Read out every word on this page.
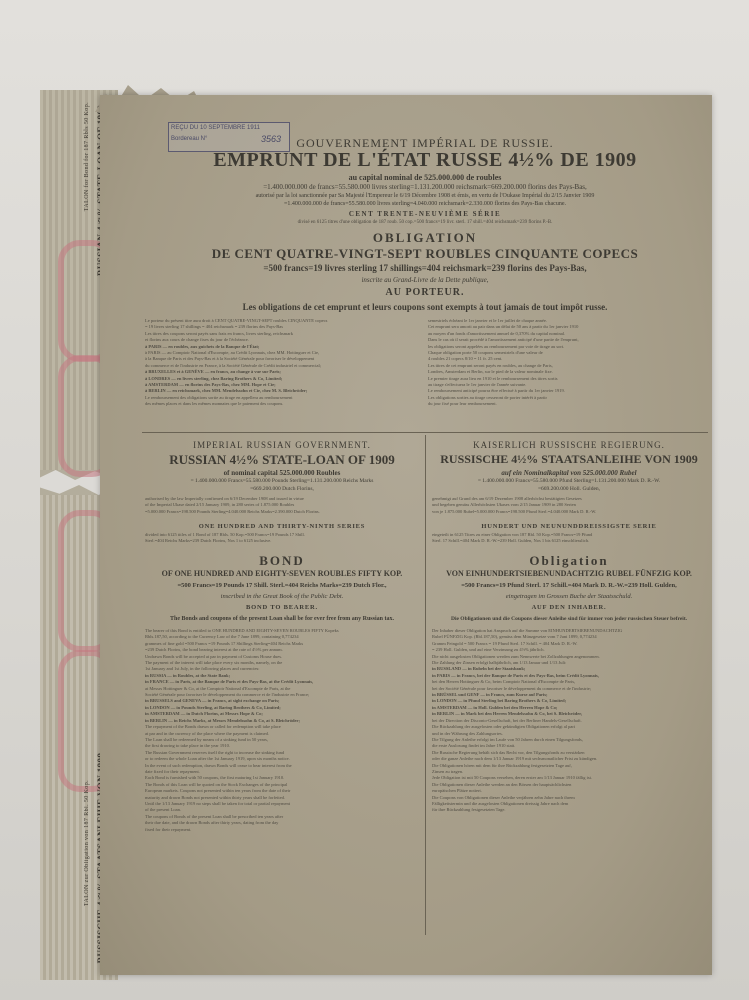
TALON for Bond for 187 Rbls 50 Kop.
TALON zur Obligation von 187 Rbl. 50 Kop.
REÇU DU 10 SEPTEMBRE 1911
Bordereau N°	3563	GOUVERNEMENT IMPÉRIAL DE RUSSIE.
EMPRUNT DE L'ÉTAT RUSSE 4½% DE 1909
au capital nominal de 525.000.000 de roubles
=1.400.000.000 de francs=55.580.000 livres sterling=1.131.200.000 reichsmark=669.200.000 florins des Pays-Bas,
autorisé par la loi sanctionnée par Sa Majesté l'Empereur le 6/19 Décembre 1908 et émis, en vertu de l'Oukase Impérial du 2/15 Janvier 1909
=1.400.000.000 de francs=55.580.000 livres sterling=4.040.000 reichsmark=2.330.000 florins des Pays-Bas chacune.
CENT TRENTE-NEUVIÈME SÉRIE
divisé en 6125 titres d'une obligation de 187 roub. 50 cop.=500 francs=19 livr. sterl. 17 shill.=404 reichsmark=239 florins P.-B.
OBLIGATION
DE CENT QUATRE-VINGT-SEPT ROUBLES CINQUANTE COPECS
=500 francs=19 livres sterling 17 shillings=404 reichsmark=239 florins des Pays-Bas,
inscrite au Grand-Livre de la Dette publique,
AU PORTEUR.
Les obligations de cet emprunt et leurs coupons sont exempts à tout jamais de tout impôt russe.

Le porteur du présent titre aura droit à CENT QUATRE-VINGT-SEPT roubles CINQUANTE copecs

= 19 livres sterling 17 shillings = 404 reichsmark = 239 florins des Pays-Bas

Les titres des coupons seront payés sans frais en francs, livres sterling, reichsmark

et florins aux cours de change fixes du jour de l'échéance.

à PARIS — en roubles, aux guichets de la Banque de l'État;

à PARIS — au Comptoir National d'Escompte, au Crédit Lyonnais, chez MM. Hottinguer et Cie,

à la Banque de Paris et des Pays-Bas et à la Société Générale pour favoriser le développement

du commerce et de l'industrie en France, à la Société Générale de Crédit industriel et commercial;

à BRUXELLES et à GENÈVE — en francs, au change à vue sur Paris;

à LONDRES — en livres sterling, chez Baring Brothers & Co, Limited;

à AMSTERDAM — en florins des Pays-Bas, chez MM. Hope et Cie;

à BERLIN — en reichsmark, chez MM. Mendelssohn et Cie, chez M. S. Bleichröder;

Le remboursement des obligations sortie au tirage en appellera au remboursement

des mêmes places et dans les mêmes monnaies que le paiement des coupons.

semestriels échéant le 1er janvier et le 1er juillet de chaque année.

Cet emprunt sera amorti au pair dans un délai de 50 ans à partir du 1er janvier 1910

au moyen d'un fonds d'amortissement annuel de 0,370% du capital nominal.

Dans le cas où il serait procédé à l'amortissement anticipé d'une partie de l'emprunt,

les obligations seront appelées au remboursement par voie de tirage au sort.

Chaque obligation porte 50 coupons semestriels d'une valeur de

4 roubles 21 copecs 8/10 = 11 fr. 25 cent.

Les titres de cet emprunt seront payés en roubles, au change de Paris,

Londres, Amsterdam et Berlin, sur le pied de la valeur nominale fixe.

Le premier tirage aura lieu en 1910 et le remboursement des titres sortis

au tirage s'effectuera le 1er janvier de l'année suivante.

Le remboursement anticipé pourra être effectué à partir du 1er janvier 1919.

Les obligations sorties au tirage cesseront de porter intérêt à partir

du jour fixé pour leur remboursement.

IMPERIAL RUSSIAN GOVERNMENT.
RUSSIAN 4½% STATE-LOAN OF 1909
of nominal capital 525.000.000 Roubles
= 1.400.000.000 Francs=55.580.000 Pounds Sterling=1.131.200.000 Reichs Marks
=669.200.000 Dutch Florins,

authorised by the law Imperially confirmed on 6/19 December 1908 and issued in virtue

of the Imperial Ukase dated 2/15 January 1909, in 280 series of 1.875.000 Roubles

=5.000.000 Francs=198.500 Pounds Sterling=4.040.000 Reichs Marks=2.390.000 Dutch Florins.

ONE HUNDRED AND THIRTY-NINTH SERIES

divided into 6125 titles of 1 Bond of 187 Rbls. 50 Kop.=500 Francs=19 Pounds 17 Shill.

Sterl.=404 Reichs Marks=239 Dutch Florins, Nos 1 to 6125 inclusive.

BOND
OF ONE HUNDRED AND EIGHTY-SEVEN ROUBLES FIFTY KOP.
=500 Francs=19 Pounds 17 Shill. Sterl.=404 Reichs Marks=239 Dutch Flor.,
inscribed in the Great Book of the Public Debt.
BOND TO BEARER.
The Bonds and coupons of the present Loan shall be for ever free from any Russian tax.

The bearer of this Bond is entitled to ONE HUNDRED AND EIGHTY-SEVEN ROUBLES FIFTY Kopeks

Rbls.187,50, according to the Currency Law of the 7 June 1899, containing 0,774234

grammes of fine gold =500 Francs =19 Pounds 17 Shillings Sterling=404 Reichs Marks

=239 Dutch Florins, the bond bearing interest at the rate of 4½% per annum.

Undrawn Bonds will be accepted at par in payment of Customs House dues.

The payment of the interest will take place every six months, namely, on the

1st January and 1st July, in the following places and currencies:

in RUSSIA — in Roubles, at the State Bank;

in FRANCE — in Paris, at the Banque de Paris et des Pays-Bas, at the Crédit Lyonnais,

at Messrs Hottinguer & Co, at the Comptoir National d'Escompte de Paris, at the

Société Générale pour favoriser le développement du commerce et de l'industrie en France;

in BRUSSELS and GENEVA — in Francs, at sight exchange on Paris;

in LONDON — in Pounds Sterling, at Baring Brothers & Co, Limited;

in AMSTERDAM — in Dutch Florins, at Messrs Hope & Co;

in BERLIN — in Reichs Marks, at Messrs Mendelssohn & Co, at S. Bleichröder;

The repayment of the Bonds drawn or called for redemption will take place

at par and in the currency of the place where the payment is claimed.

The Loan shall be redeemed by means of a sinking fund in 50 years,

the first drawing to take place in the year 1910.

The Russian Government reserves itself the right to increase the sinking fund

or to redeem the whole Loan after the 1st January 1919, upon six months notice.

In the event of such redemption, drawn Bonds will cease to bear interest from the

date fixed for their repayment.

Each Bond is furnished with 50 coupons, the first maturing 1st January 1910.

The Bonds of this Loan will be quoted on the Stock Exchanges of the principal

European markets. Coupons not presented within ten years from the date of their

maturity and drawn Bonds not presented within thirty years shall be forfeited.

Until the 1/13 January 1919 no steps shall be taken for total or partial repayment

of the present Loan.

The coupons of Bonds of the present Loan shall be prescribed ten years after

their due date, and the drawn Bonds after thirty years, dating from the day

fixed for their repayment.

KAISERLICH RUSSISCHE REGIERUNG.
RUSSISCHE 4½% STAATSANLEIHE VON 1909
auf ein Nominalkapital von 525.000.000 Rubel
= 1.400.000.000 Francs=55.580.000 Pfund Sterling=1.131.200.000 Mark D. R.-W.
=669.200.000 Holl. Gulden,

genehmigt auf Grund des am 6/19 Dezember 1908 allerhöchst bestätigten Gesetzes

und begeben gemäss Allerhöchsten Ukases vom 2/15 Januar 1909 in 280 Serien

von je 1.875.000 Rubel=5.000.000 Francs=198.500 Pfund Sterl.=4.040.000 Mark D. R.-W.

HUNDERT UND NEUNUNDDREISSIGSTE SERIE

eingeteilt in 6125 Titres zu einer Obligation von 187 Rbl. 50 Kop.=500 Francs=19 Pfund

Sterl. 17 Schill.=404 Mark D. R.-W.=239 Holl. Gulden, Nos 1 bis 6125 einschliesslich.

Obligation
VON EINHUNDERTSIEBENUNDACHTZIG RUBEL FÜNFZIG KOP.
=500 Francs=19 Pfund Sterl. 17 Schill.=404 Mark D. R.-W.=239 Holl. Gulden,
eingetragen im Grossen Buche der Staatsschuld.
AUF DEN INHABER.
Die Obligationen und die Coupons dieser Anleihe sind für immer von jeder russischen Steuer befreit.

Der Inhaber dieser Obligation hat Anspruch auf die Summe von EINHUNDERTSIEBENUNDACHTZIG

Rubel FÜNFZIG Kop. (Rbl.187,50), gemäss dem Münzgesetze vom 7 Juni 1899, 0,774234

Gramm Feingold = 500 Francs = 19 Pfund Sterl. 17 Schill. = 404 Mark D. R.-W.

= 239 Holl. Gulden, und auf eine Verzinsung zu 4½% jährlich.

Die nicht ausgelosten Obligationen werden zum Nennwerte bei Zollzahlungen angenommen.

Die Zahlung der Zinsen erfolgt halbjährlich, am 1/13 Januar und 1/13 Juli:

in RUSSLAND — in Rubeln bei der Staatsbank;

in PARIS — in Francs, bei der Banque de Paris et des Pays-Bas, beim Crédit Lyonnais,

bei den Herren Hottinguer & Co, beim Comptoir National d'Escompte de Paris,

bei der Société Générale pour favoriser le développement du commerce et de l'industrie;

in BRÜSSEL und GENF — in Francs, zum Kurse auf Paris;

in LONDON — in Pfund Sterling bei Baring Brothers & Co, Limited;

in AMSTERDAM — in Holl. Gulden bei den Herren Hope & Co;

in BERLIN — in Mark bei den Herren Mendelssohn & Co, bei S. Bleichröder,

bei der Direction der Disconto-Gesellschaft, bei der Berliner Handels-Gesellschaft.

Die Rückzahlung der ausgelosten oder gekündigten Obligationen erfolgt al pari

und in der Währung des Zahlungsortes.

Die Tilgung der Anleihe erfolgt im Laufe von 50 Jahren durch einen Tilgungsfonds,

die erste Auslosung findet im Jahre 1910 statt.

Die Russische Regierung behält sich das Recht vor, den Tilgungsfonds zu verstärken

oder die ganze Anleihe nach dem 1/13 Januar 1919 mit sechsmonatlicher Frist zu kündigen.

Die Obligationen hören mit dem für ihre Rückzahlung festgesetzten Tage auf,

Zinsen zu tragen.

Jede Obligation ist mit 50 Coupons versehen, deren erster am 1/13 Januar 1910 fällig ist.

Die Obligationen dieser Anleihe werden an den Börsen der hauptsächlichsten

europäischen Plätze notiert.

Die Coupons von Obligationen dieser Anleihe verjähren zehn Jahre nach ihrem

Fälligkeitstermin und die ausgelosten Obligationen dreissig Jahre nach dem

für ihre Rückzahlung festgesetzten Tage.
